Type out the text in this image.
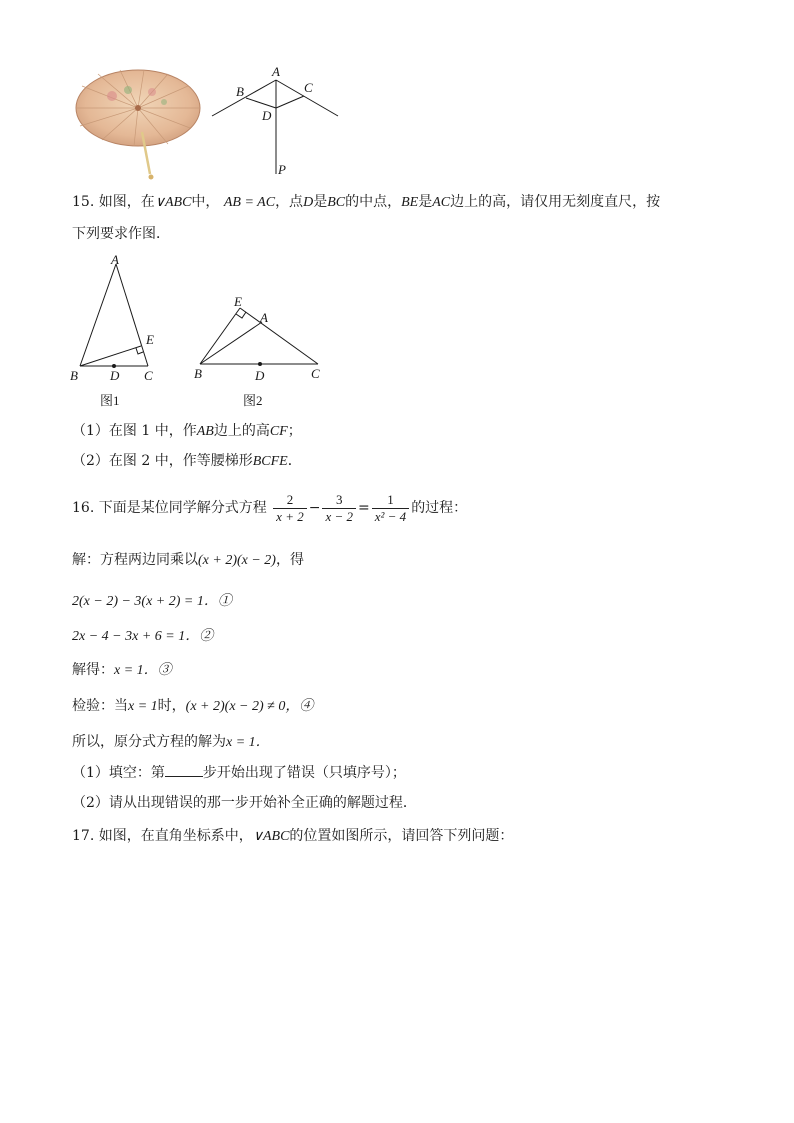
A
B	C
D
P
15. 如图，在∨ABC中， AB = AC，点D是BC的中点，BE是AC边上的高，请仅用无刻度直尺，按
下列要求作图．
A
E
B D C
图1
E
A
B	D	C
图2
（1）在图 1 中，作AB边上的高CF；
（2）在图 2 中，作等腰梯形BCFE．
16. 下面是某位同学解分式方程 $\frac{2}{x + 2} - \frac{3}{x - 2} = \frac{1}{\text{x² − 4}}$ 的过程：
解：方程两边同乘以(x + 2)(x − 2)，得
2(x − 2) − 3(x + 2) = 1．①
2x − 4 − 3x + 6 = 1．②
解得：x = 1．③
检验：当x = 1时，(x + 2)(x − 2) ≠ 0，④
所以，原分式方程的解为x = 1．
（1）填空：第	步开始出现了错误（只填序号）；
（2）请从出现错误的那一步开始补全正确的解题过程．
17. 如图，在直角坐标系中，∨ABC的位置如图所示，请回答下列问题：
